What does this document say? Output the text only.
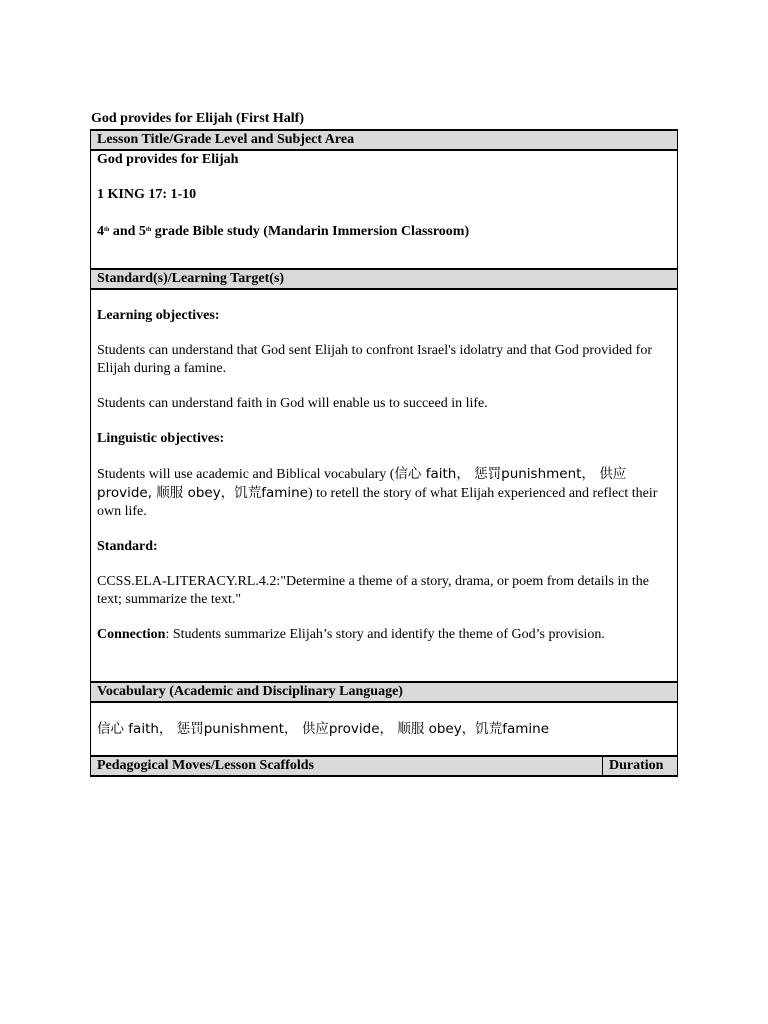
God provides for Elijah (First Half)
Lesson Title/Grade Level and Subject Area

God provides for Elijah

1 KING 17: 1-10

4th and 5th grade Bible study (Mandarin Immersion Classroom)

Standard(s)/Learning Target(s)

Learning objectives:

Students can understand that God sent Elijah to confront Israel's idolatry and that God provided for Elijah during a famine.

Students can understand faith in God will enable us to succeed in life.

Linguistic objectives:

Students will use academic and Biblical vocabulary (信心 faith， 惩罚punishment， 供应provide, 顺服 obey，饥荒famine) to retell the story of what Elijah experienced and reflect their own life.

Standard:

CCSS.ELA-LITERACY.RL.4.2:"Determine a theme of a story, drama, or poem from details in the text; summarize the text."

Connection: Students summarize Elijah’s story and identify the theme of God’s provision.

Vocabulary (Academic and Disciplinary Language)

信心 faith， 惩罚punishment， 供应provide， 顺服 obey，饥荒famine

Pedagogical Moves/Lesson Scaffolds	Duration
